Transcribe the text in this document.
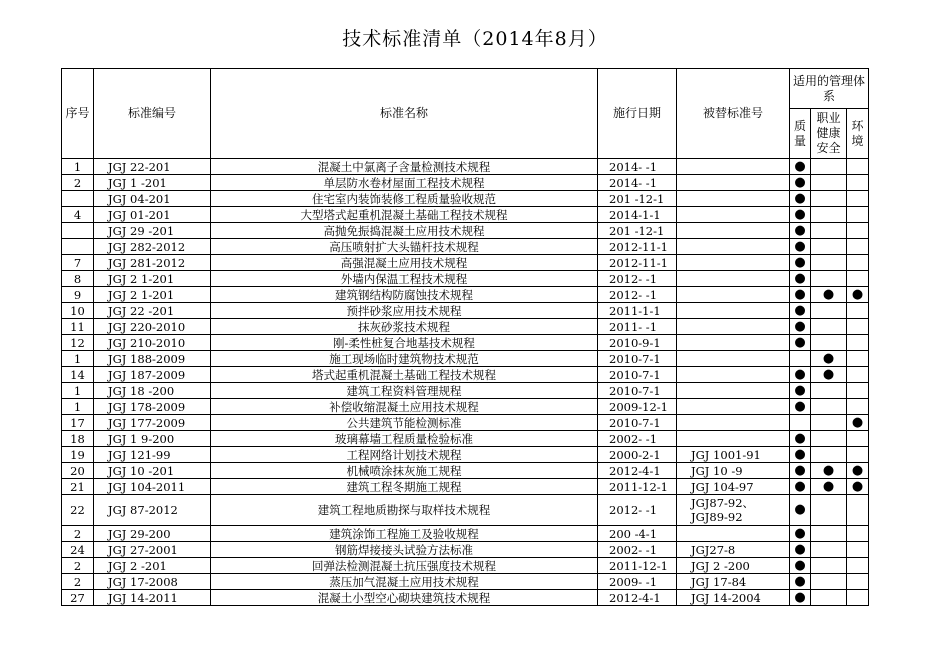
技术标准清单（2014年8月）
序号	标准编号	标准名称	施行日期	被替标准号	适用的管理体系		
					质量	职业健康安全	环境
1	JGJ 22-201	混凝土中氯离子含量检测技术规程	2014- -1		●		
2	JGJ 1 -201	单层防水卷材屋面工程技术规程	2014- -1		●		
	JGJ 04-201	住宅室内装饰装修工程质量验收规范	201 -12-1		●		
4	JGJ 01-201	大型塔式起重机混凝土基础工程技术规程	2014-1-1		●		
	JGJ 29 -201	高抛免振捣混凝土应用技术规程	201 -12-1		●		
	JGJ 282-2012	高压喷射扩大头锚杆技术规程	2012-11-1		●		
7	JGJ 281-2012	高强混凝土应用技术规程	2012-11-1		●		
8	JGJ 2 1-201	外墙内保温工程技术规程	2012- -1		●		
9	JGJ 2 1-201	建筑钢结构防腐蚀技术规程	2012- -1		●	●	●
10	JGJ 22 -201	预拌砂浆应用技术规程	2011-1-1		●		
11	JGJ 220-2010	抹灰砂浆技术规程	2011- -1		●		
12	JGJ 210-2010	刚-柔性桩复合地基技术规程	2010-9-1		●		
1	JGJ 188-2009	施工现场临时建筑物技术规范	2010-7-1			●	
14	JGJ 187-2009	塔式起重机混凝土基础工程技术规程	2010-7-1		●	●	
1	JGJ 18 -200	建筑工程资料管理规程	2010-7-1		●		
1	JGJ 178-2009	补偿收缩混凝土应用技术规程	2009-12-1		●		
17	JGJ 177-2009	公共建筑节能检测标准	2010-7-1				●
18	JGJ 1 9-200	玻璃幕墙工程质量检验标准	2002- -1		●		
19	JGJ 121-99	工程网络计划技术规程	2000-2-1	JGJ 1001-91	●		
20	JGJ 10 -201	机械喷涂抹灰施工规程	2012-4-1	JGJ 10 -9	●	●	●
21	JGJ 104-2011	建筑工程冬期施工规程	2011-12-1	JGJ 104-97	●	●	●
22	JGJ 87-2012	建筑工程地质勘探与取样技术规程	2012- -1	JGJ87-92、 JGJ89-92	●		
2	JGJ 29-200	建筑涂饰工程施工及验收规程	200 -4-1		●		
24	JGJ 27-2001	钢筋焊接接头试验方法标准	2002- -1	JGJ27-8	●		
2	JGJ 2 -201	回弹法检测混凝土抗压强度技术规程	2011-12-1	JGJ 2 -200	●		
2	JGJ 17-2008	蒸压加气混凝土应用技术规程	2009- -1	JGJ 17-84	●		
27	JGJ 14-2011	混凝土小型空心砌块建筑技术规程	2012-4-1	JGJ 14-2004	●		
